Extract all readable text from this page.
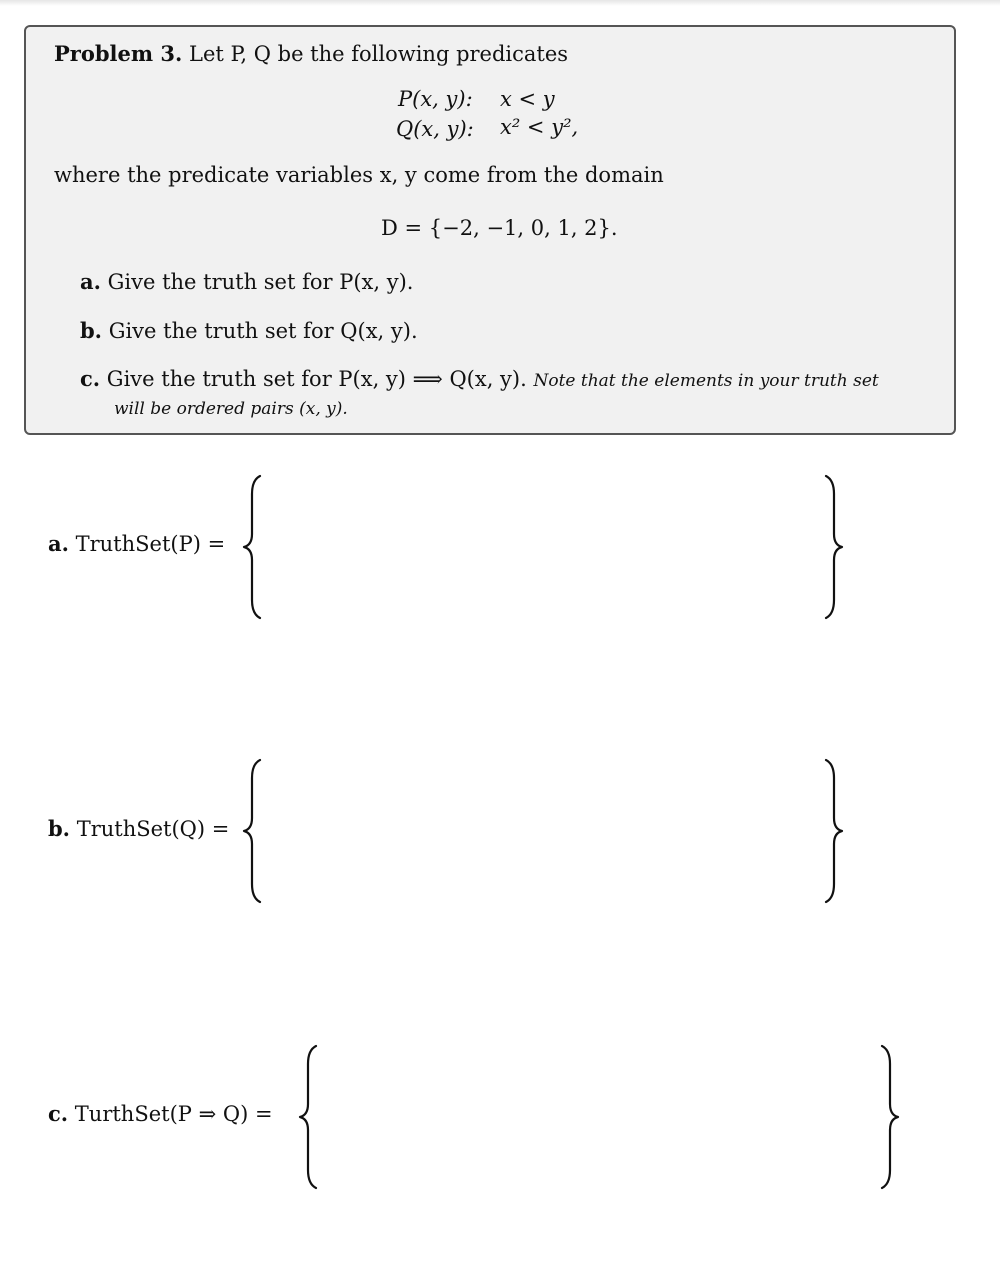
Problem 3. Let P, Q be the following predicates
P(x, y): x < y
Q(x, y): x² < y²,
where the predicate variables x, y come from the domain
D = {−2, −1, 0, 1, 2}.
a. Give the truth set for P(x, y).
b. Give the truth set for Q(x, y).
c. Give the truth set for P(x, y) ⟹ Q(x, y). Note that the elements in your truth set
will be ordered pairs (x, y).
a. TruthSet(P) =
b. TruthSet(Q) =
c. TurthSet(P ⇒ Q) =
